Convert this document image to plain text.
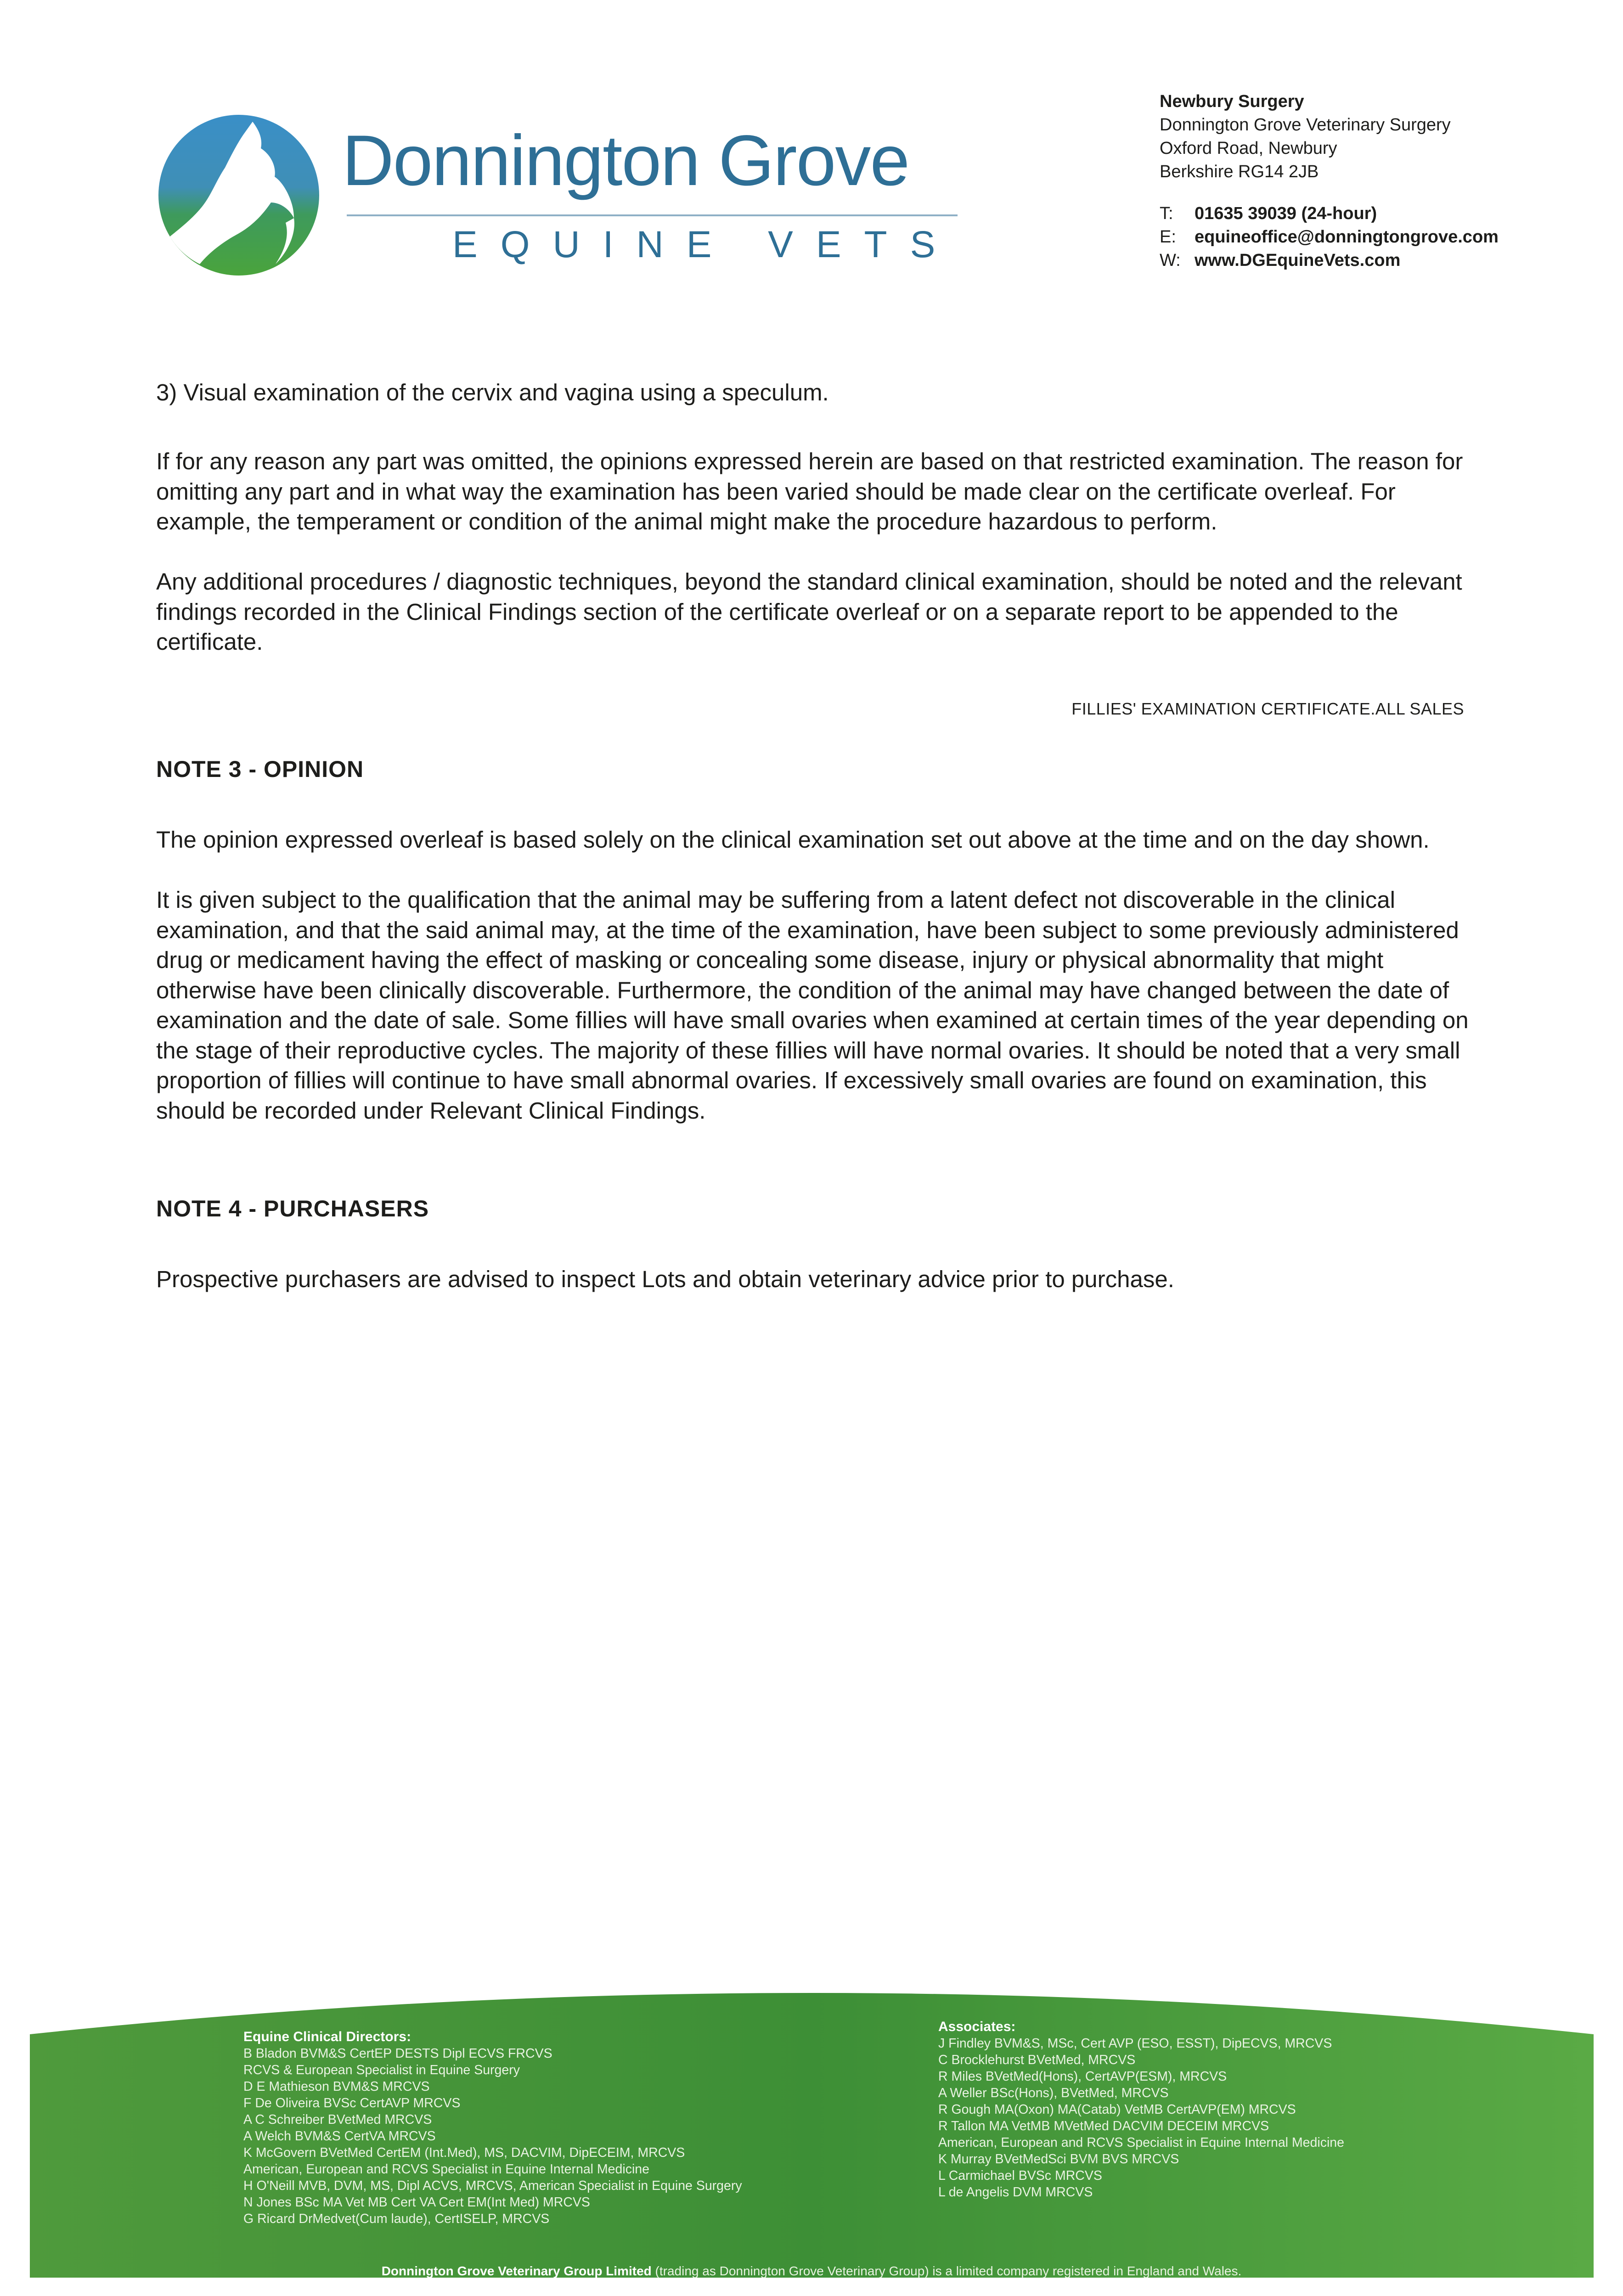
Donnington Grove
EQUINE VETS
Newbury Surgery
Donnington Grove Veterinary Surgery
Oxford Road, Newbury
Berkshire RG14 2JB
T:	01635 39039 (24-hour)
E:	equineoffice@donningtongrove.com
W: www.DGEquineVets.com

3) Visual examination of the cervix and vagina using a speculum.

If for any reason any part was omitted, the opinions expressed herein are based on that restricted examination. The reason for omitting any part and in what way the examination has been varied should be made clear on the certificate overleaf. For example, the temperament or condition of the animal might make the procedure hazardous to perform.

Any additional procedures / diagnostic techniques, beyond the standard clinical examination, should be noted and the relevant findings recorded in the Clinical Findings section of the certificate overleaf or on a separate report to be appended to the certificate.

FILLIES' EXAMINATION CERTIFICATE.ALL SALES
NOTE 3 - OPINION

The opinion expressed overleaf is based solely on the clinical examination set out above at the time and on the day shown.

It is given subject to the qualification that the animal may be suffering from a latent defect not discoverable in the clinical examination, and that the said animal may, at the time of the examination, have been subject to some previously administered drug or medicament having the effect of masking or concealing some disease, injury or physical abnormality that might otherwise have been clinically discoverable. Furthermore, the condition of the animal may have changed between the date of examination and the date of sale. Some fillies will have small ovaries when examined at certain times of the year depending on the stage of their reproductive cycles. The majority of these fillies will have normal ovaries. It should be noted that a very small proportion of fillies will continue to have small abnormal ovaries. If excessively small ovaries are found on examination, this should be recorded under Relevant Clinical Findings.

NOTE 4 - PURCHASERS

Prospective purchasers are advised to inspect Lots and obtain veterinary advice prior to purchase.

Equine Clinical Directors:
B Bladon BVM&S CertEP DESTS Dipl ECVS FRCVS
RCVS & European Specialist in Equine Surgery
D E Mathieson BVM&S MRCVS
F De Oliveira BVSc CertAVP MRCVS
A C Schreiber BVetMed MRCVS
A Welch BVM&S CertVA MRCVS
K McGovern BVetMed CertEM (Int.Med), MS, DACVIM, DipECEIM, MRCVS
American, European and RCVS Specialist in Equine Internal Medicine
H O'Neill MVB, DVM, MS, Dipl ACVS, MRCVS, American Specialist in Equine Surgery
N Jones BSc MA Vet MB Cert VA Cert EM(Int Med) MRCVS
G Ricard DrMedvet(Cum laude), CertISELP, MRCVS
Associates:
J Findley BVM&S, MSc, Cert AVP (ESO, ESST), DipECVS, MRCVS
C Brocklehurst BVetMed, MRCVS
R Miles BVetMed(Hons), CertAVP(ESM), MRCVS
A Weller BSc(Hons), BVetMed, MRCVS
R Gough MA(Oxon) MA(Catab) VetMB CertAVP(EM) MRCVS
R Tallon MA VetMB MVetMed DACVIM DECEIM MRCVS
American, European and RCVS Specialist in Equine Internal Medicine
K Murray BVetMedSci BVM BVS MRCVS
L Carmichael BVSc MRCVS
L de Angelis DVM MRCVS
Donnington Grove Veterinary Group Limited (trading as Donnington Grove Veterinary Group) is a limited company registered in England and Wales.
